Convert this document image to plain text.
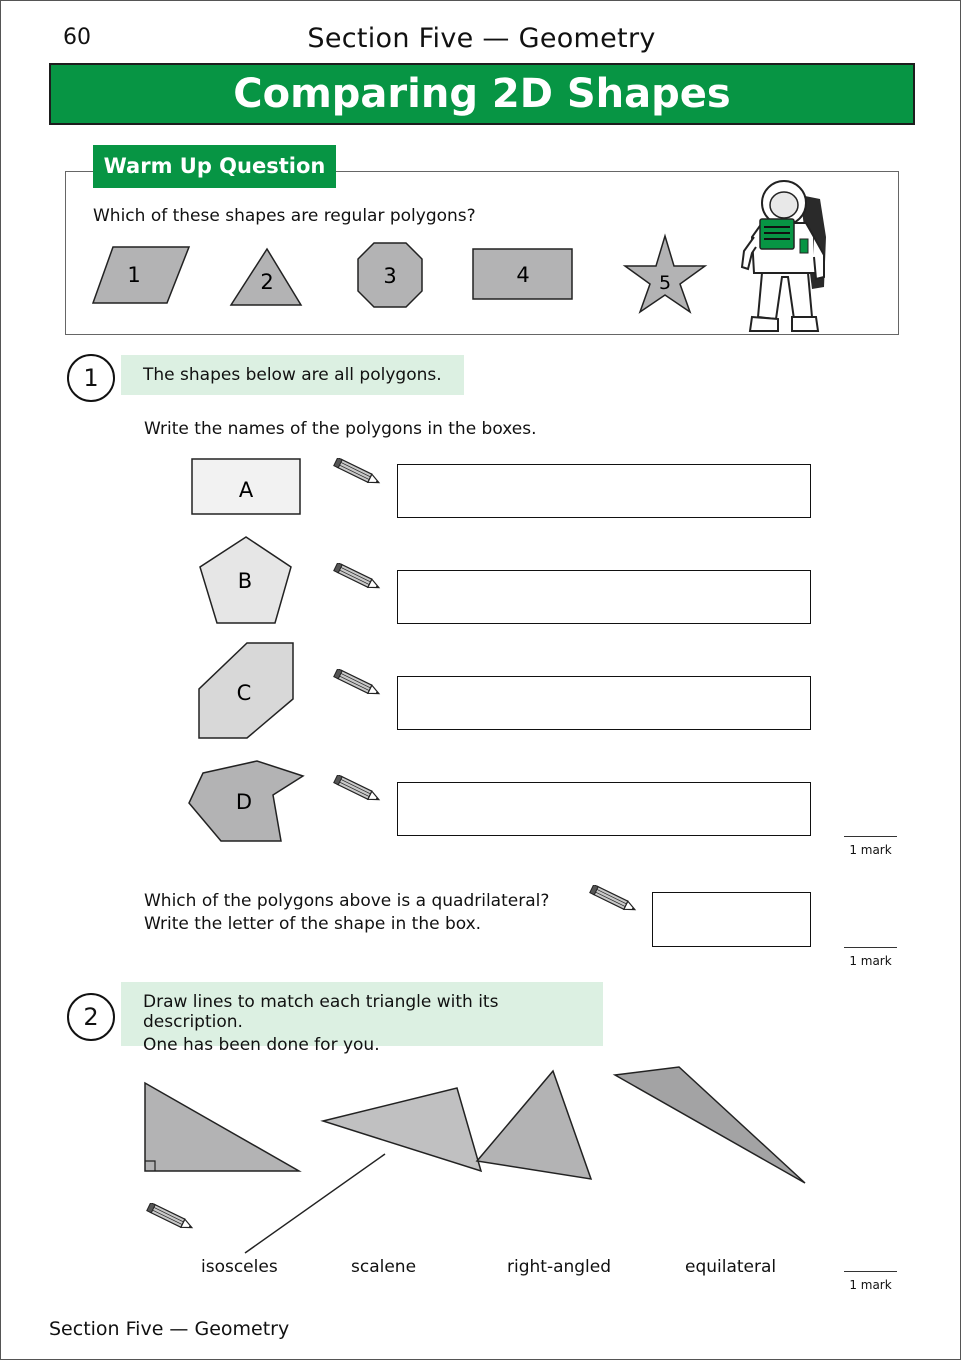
60	Section Five — Geometry
Comparing 2D Shapes
Warm Up Question
Which of these shapes are regular polygons?
1	2	3	4	5
1	The shapes below are all polygons.
Write the names of the polygons in the boxes.
A
B
C
D
1 mark
Which of the polygons above is a quadrilateral?
Write the letter of the shape in the box.
1 mark
2
Draw lines to match each triangle with its description.
One has been done for you.
isosceles	scalene	right-angled	equilateral
1 mark
Section Five — Geometry
